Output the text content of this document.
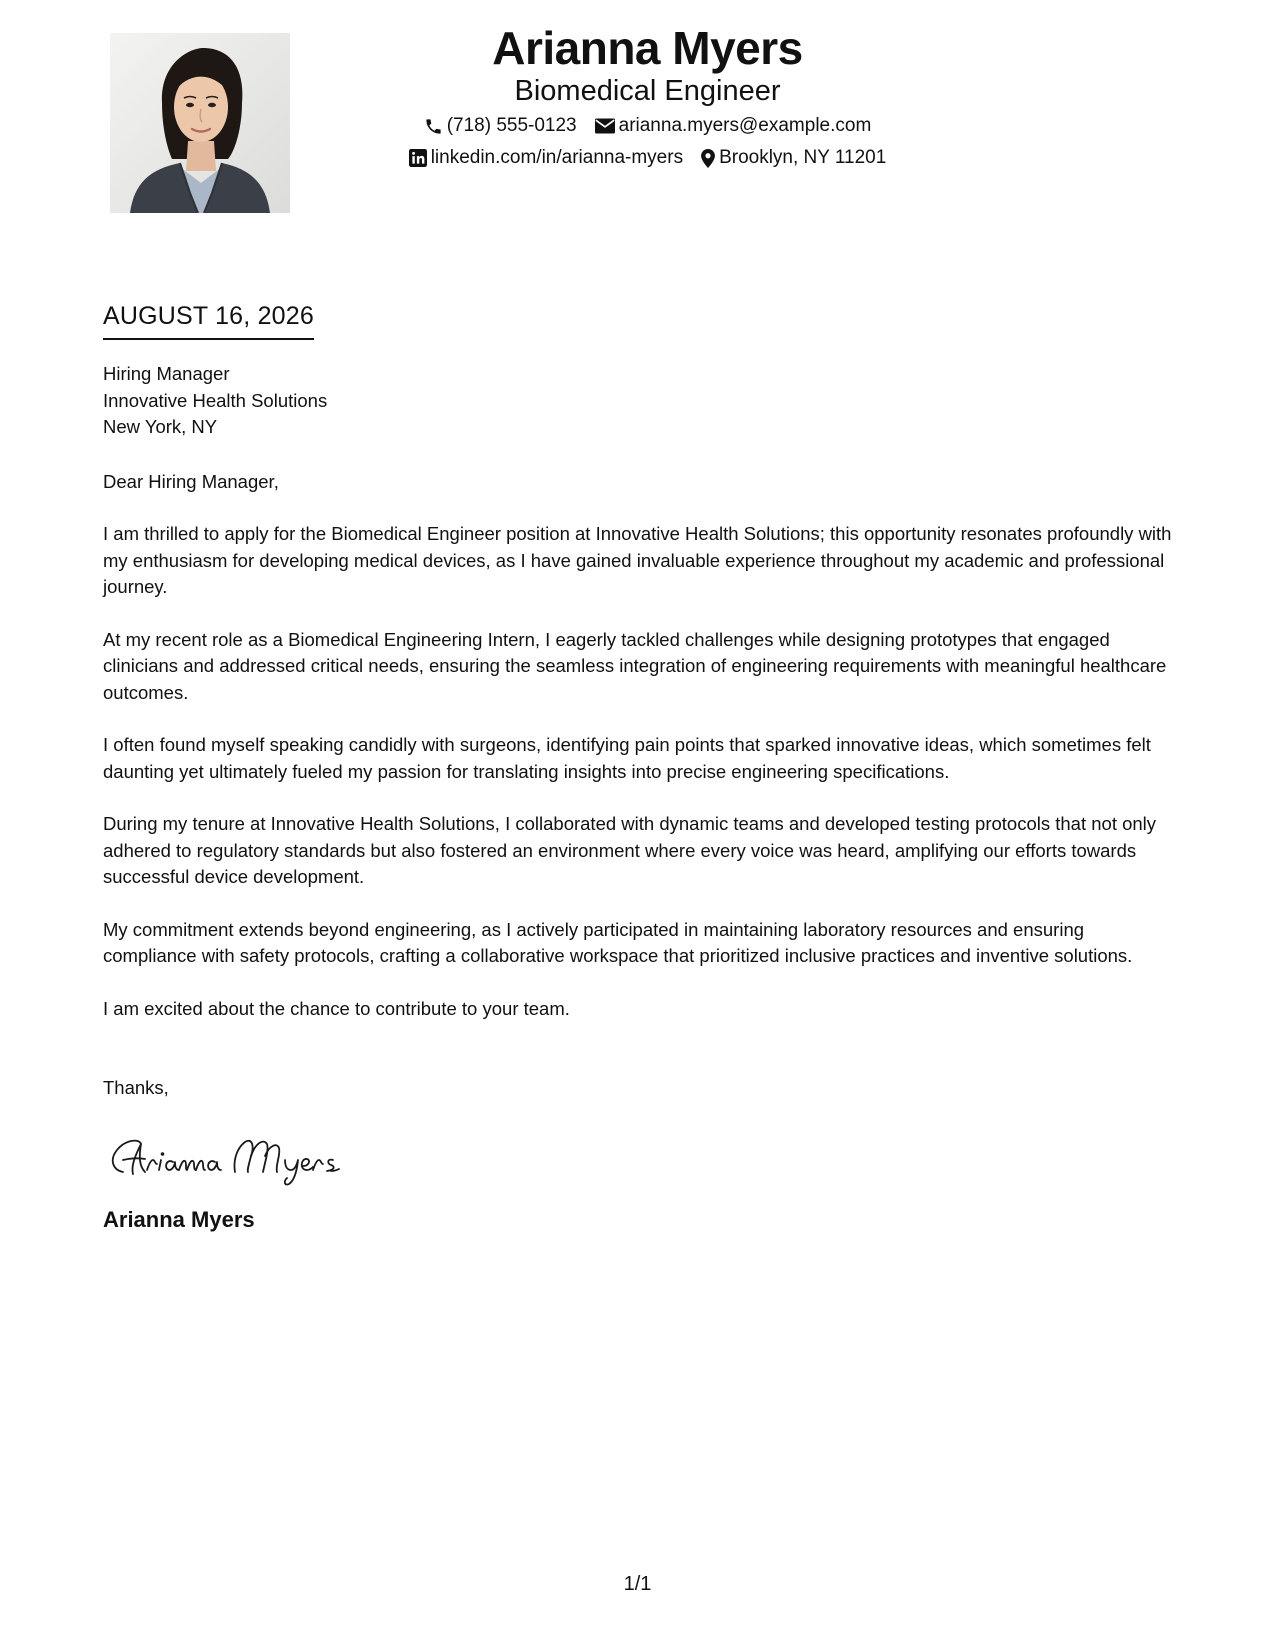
Arianna Myers
Biomedical Engineer
(718) 555-0123 arianna.myers@example.com
linkedin.com/in/arianna-myers Brooklyn, NY 11201
AUGUST 16, 2026
Hiring Manager
Innovative Health Solutions
New York, NY
Dear Hiring Manager,
I am thrilled to apply for the Biomedical Engineer position at Innovative Health Solutions; this opportunity resonates profoundly with my enthusiasm for developing medical devices, as I have gained invaluable experience throughout my academic and professional journey.
At my recent role as a Biomedical Engineering Intern, I eagerly tackled challenges while designing prototypes that engaged clinicians and addressed critical needs, ensuring the seamless integration of engineering requirements with meaningful healthcare outcomes.
I often found myself speaking candidly with surgeons, identifying pain points that sparked innovative ideas, which sometimes felt daunting yet ultimately fueled my passion for translating insights into precise engineering specifications.
During my tenure at Innovative Health Solutions, I collaborated with dynamic teams and developed testing protocols that not only adhered to regulatory standards but also fostered an environment where every voice was heard, amplifying our efforts towards successful device development.
My commitment extends beyond engineering, as I actively participated in maintaining laboratory resources and ensuring compliance with safety protocols, crafting a collaborative workspace that prioritized inclusive practices and inventive solutions.
I am excited about the chance to contribute to your team.
Thanks,
Arianna Myers
1/1
